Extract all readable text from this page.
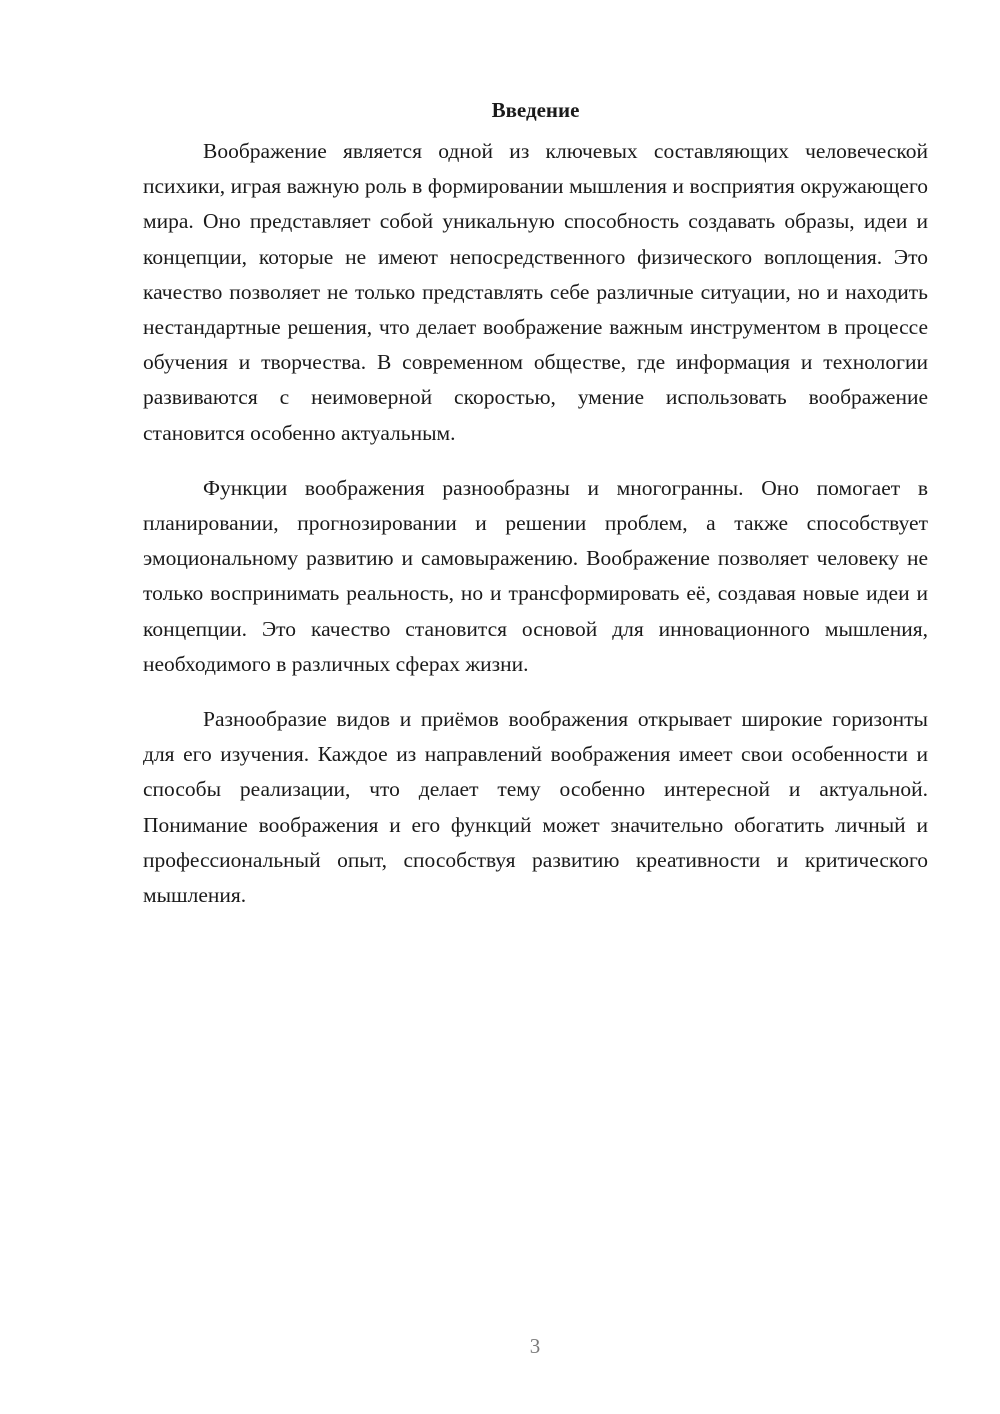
Введение

Воображение является одной из ключевых составляющих человеческой психики, играя важную роль в формировании мышления и восприятия окружающего мира. Оно представляет собой уникальную способность создавать образы, идеи и концепции, которые не имеют непосредственного физического воплощения. Это качество позволяет не только представлять себе различные ситуации, но и находить нестандартные решения, что делает воображение важным инструментом в процессе обучения и творчества. В современном обществе, где информация и технологии развиваются с неимоверной скоростью, умение использовать воображение становится особенно актуальным.

Функции воображения разнообразны и многогранны. Оно помогает в планировании, прогнозировании и решении проблем, а также способствует эмоциональному развитию и самовыражению. Воображение позволяет человеку не только воспринимать реальность, но и трансформировать её, создавая новые идеи и концепции. Это качество становится основой для инновационного мышления, необходимого в различных сферах жизни.

Разнообразие видов и приёмов воображения открывает широкие горизонты для его изучения. Каждое из направлений воображения имеет свои особенности и способы реализации, что делает тему особенно интересной и актуальной. Понимание воображения и его функций может значительно обогатить личный и профессиональный опыт, способствуя развитию креативности и критического мышления.

3
